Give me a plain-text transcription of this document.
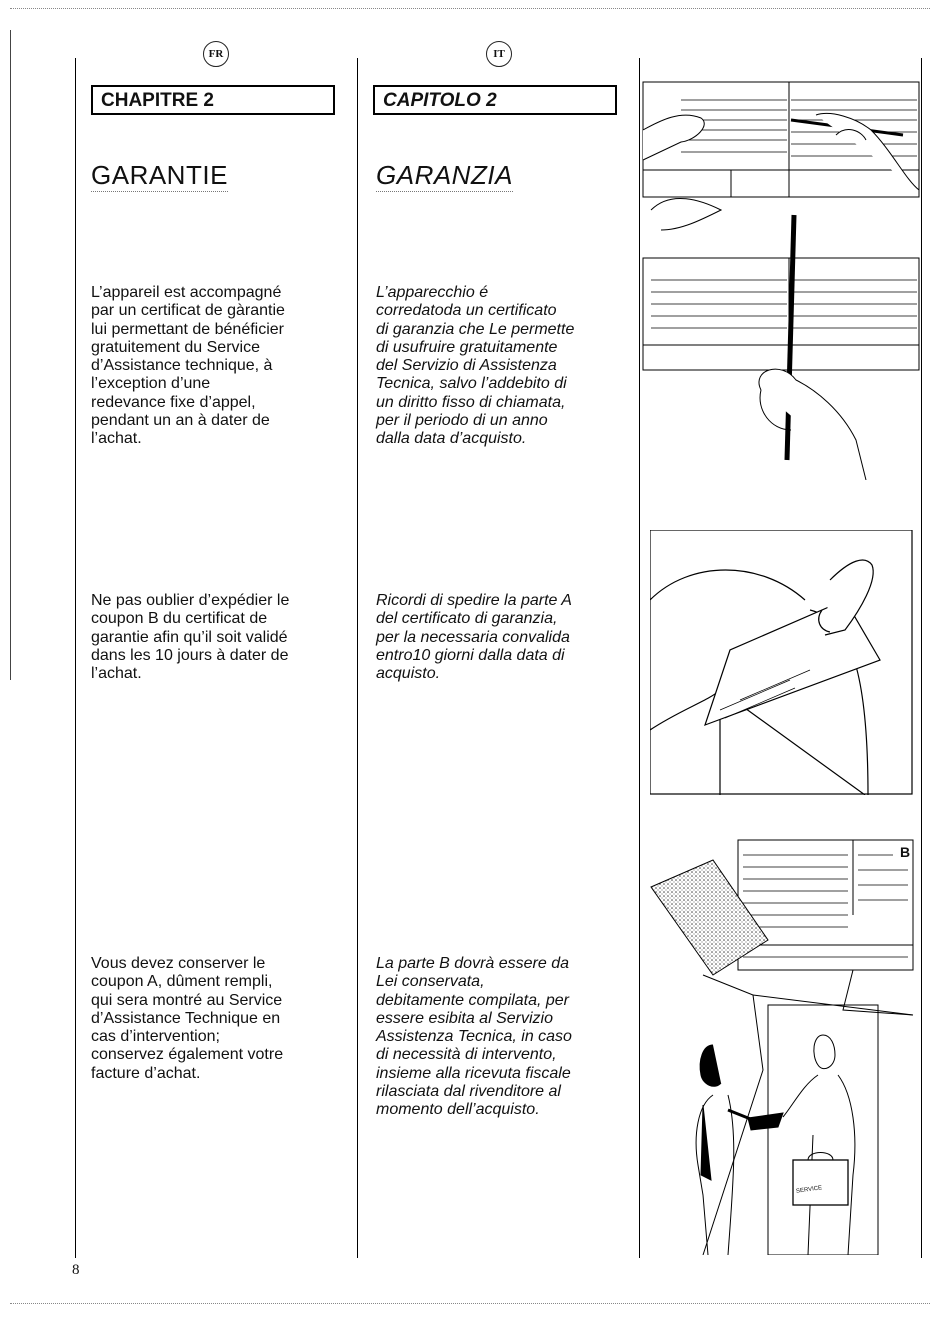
FR
CHAPITRE 2
GARANTIE
L’appareil est accompagné
par un certificat de gàrantie
lui permettant de bénéficier
gratuitement du Service
d’Assistance technique, à
l’exception d’une
redevance fixe d’appel,
pendant un an à dater de
l’achat.
Ne pas oublier d’expédier le
coupon B du certificat de
garantie afin qu’il soit validé
dans les 10 jours à dater de
l’achat.
Vous devez conserver le
coupon A, dûment rempli,
qui sera montré au Service
d’Assistance Technique en
cas d’intervention;
conservez également votre
facture d’achat.
IT
CAPITOLO 2
GARANZIA
L’apparecchio é
corredatoda un certificato
di garanzia che Le permette
di usufruire gratuitamente
del Servizio di Assistenza
Tecnica, salvo l’addebito di
un diritto fisso di chiamata,
per il periodo di un anno
dalla data d’acquisto.
Ricordi di spedire la parte A
del certificato di garanzia,
per la necessaria convalida
entro10 giorni dalla data di
acquisto.
La parte B dovrà essere da
Lei conservata,
debitamente compilata, per
essere esibita al Servizio
Assistenza Tecnica, in caso
di necessità di intervento,
insieme alla ricevuta fiscale
rilasciata dal rivenditore al
momento dell’acquisto.
B
SERVICE
8
